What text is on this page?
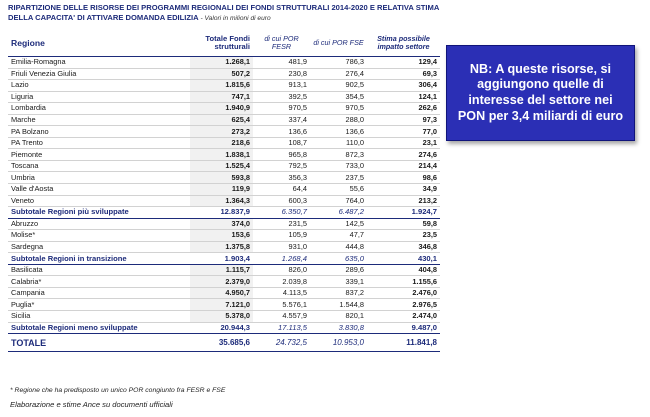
RIPARTIZIONE DELLE RISORSE DEI PROGRAMMI REGIONALI DEI FONDI STRUTTURALI 2014-2020 E RELATIVA STIMA DELLA CAPACITA' DI ATTIVARE DOMANDA EDILIZIA - Valori in milioni di euro
Regione	Totale Fondi strutturali	di cui POR FESR	di cui POR FSE	Stima possibile impatto settore
Emilia-Romagna	1.268,1	481,9	786,3	129,4
Friuli Venezia Giulia	507,2	230,8	276,4	69,3
Lazio	1.815,6	913,1	902,5	306,4
Liguria	747,1	392,5	354,5	124,1
Lombardia	1.940,9	970,5	970,5	262,6
Marche	625,4	337,4	288,0	97,3
PA Bolzano	273,2	136,6	136,6	77,0
PA Trento	218,6	108,7	110,0	23,1
Piemonte	1.838,1	965,8	872,3	274,6
Toscana	1.525,4	792,5	733,0	214,4
Umbria	593,8	356,3	237,5	98,6
Valle d'Aosta	119,9	64,4	55,6	34,9
Veneto	1.364,3	600,3	764,0	213,2
Subtotale Regioni più sviluppate	12.837,9	6.350,7	6.487,2	1.924,7
Abruzzo	374,0	231,5	142,5	59,8
Molise*	153,6	105,9	47,7	23,5
Sardegna	1.375,8	931,0	444,8	346,8
Subtotale Regioni in transizione	1.903,4	1.268,4	635,0	430,1
Basilicata	1.115,7	826,0	289,6	404,8
Calabria*	2.379,0	2.039,8	339,1	1.155,6
Campania	4.950,7	4.113,5	837,2	2.476,0
Puglia*	7.121,0	5.576,1	1.544,8	2.976,5
Sicilia	5.378,0	4.557,9	820,1	2.474,0
Subtotale Regioni meno sviluppate	20.944,3	17.113,5	3.830,8	9.487,0
TOTALE	35.685,6	24.732,5	10.953,0	11.841,8
* Regione che ha predisposto un unico POR congiunto fra FESR e FSE
Elaborazione e stime Ance su documenti ufficiali
NB: A queste risorse, si aggiungono quelle di interesse del settore nei PON per 3,4 miliardi di euro
